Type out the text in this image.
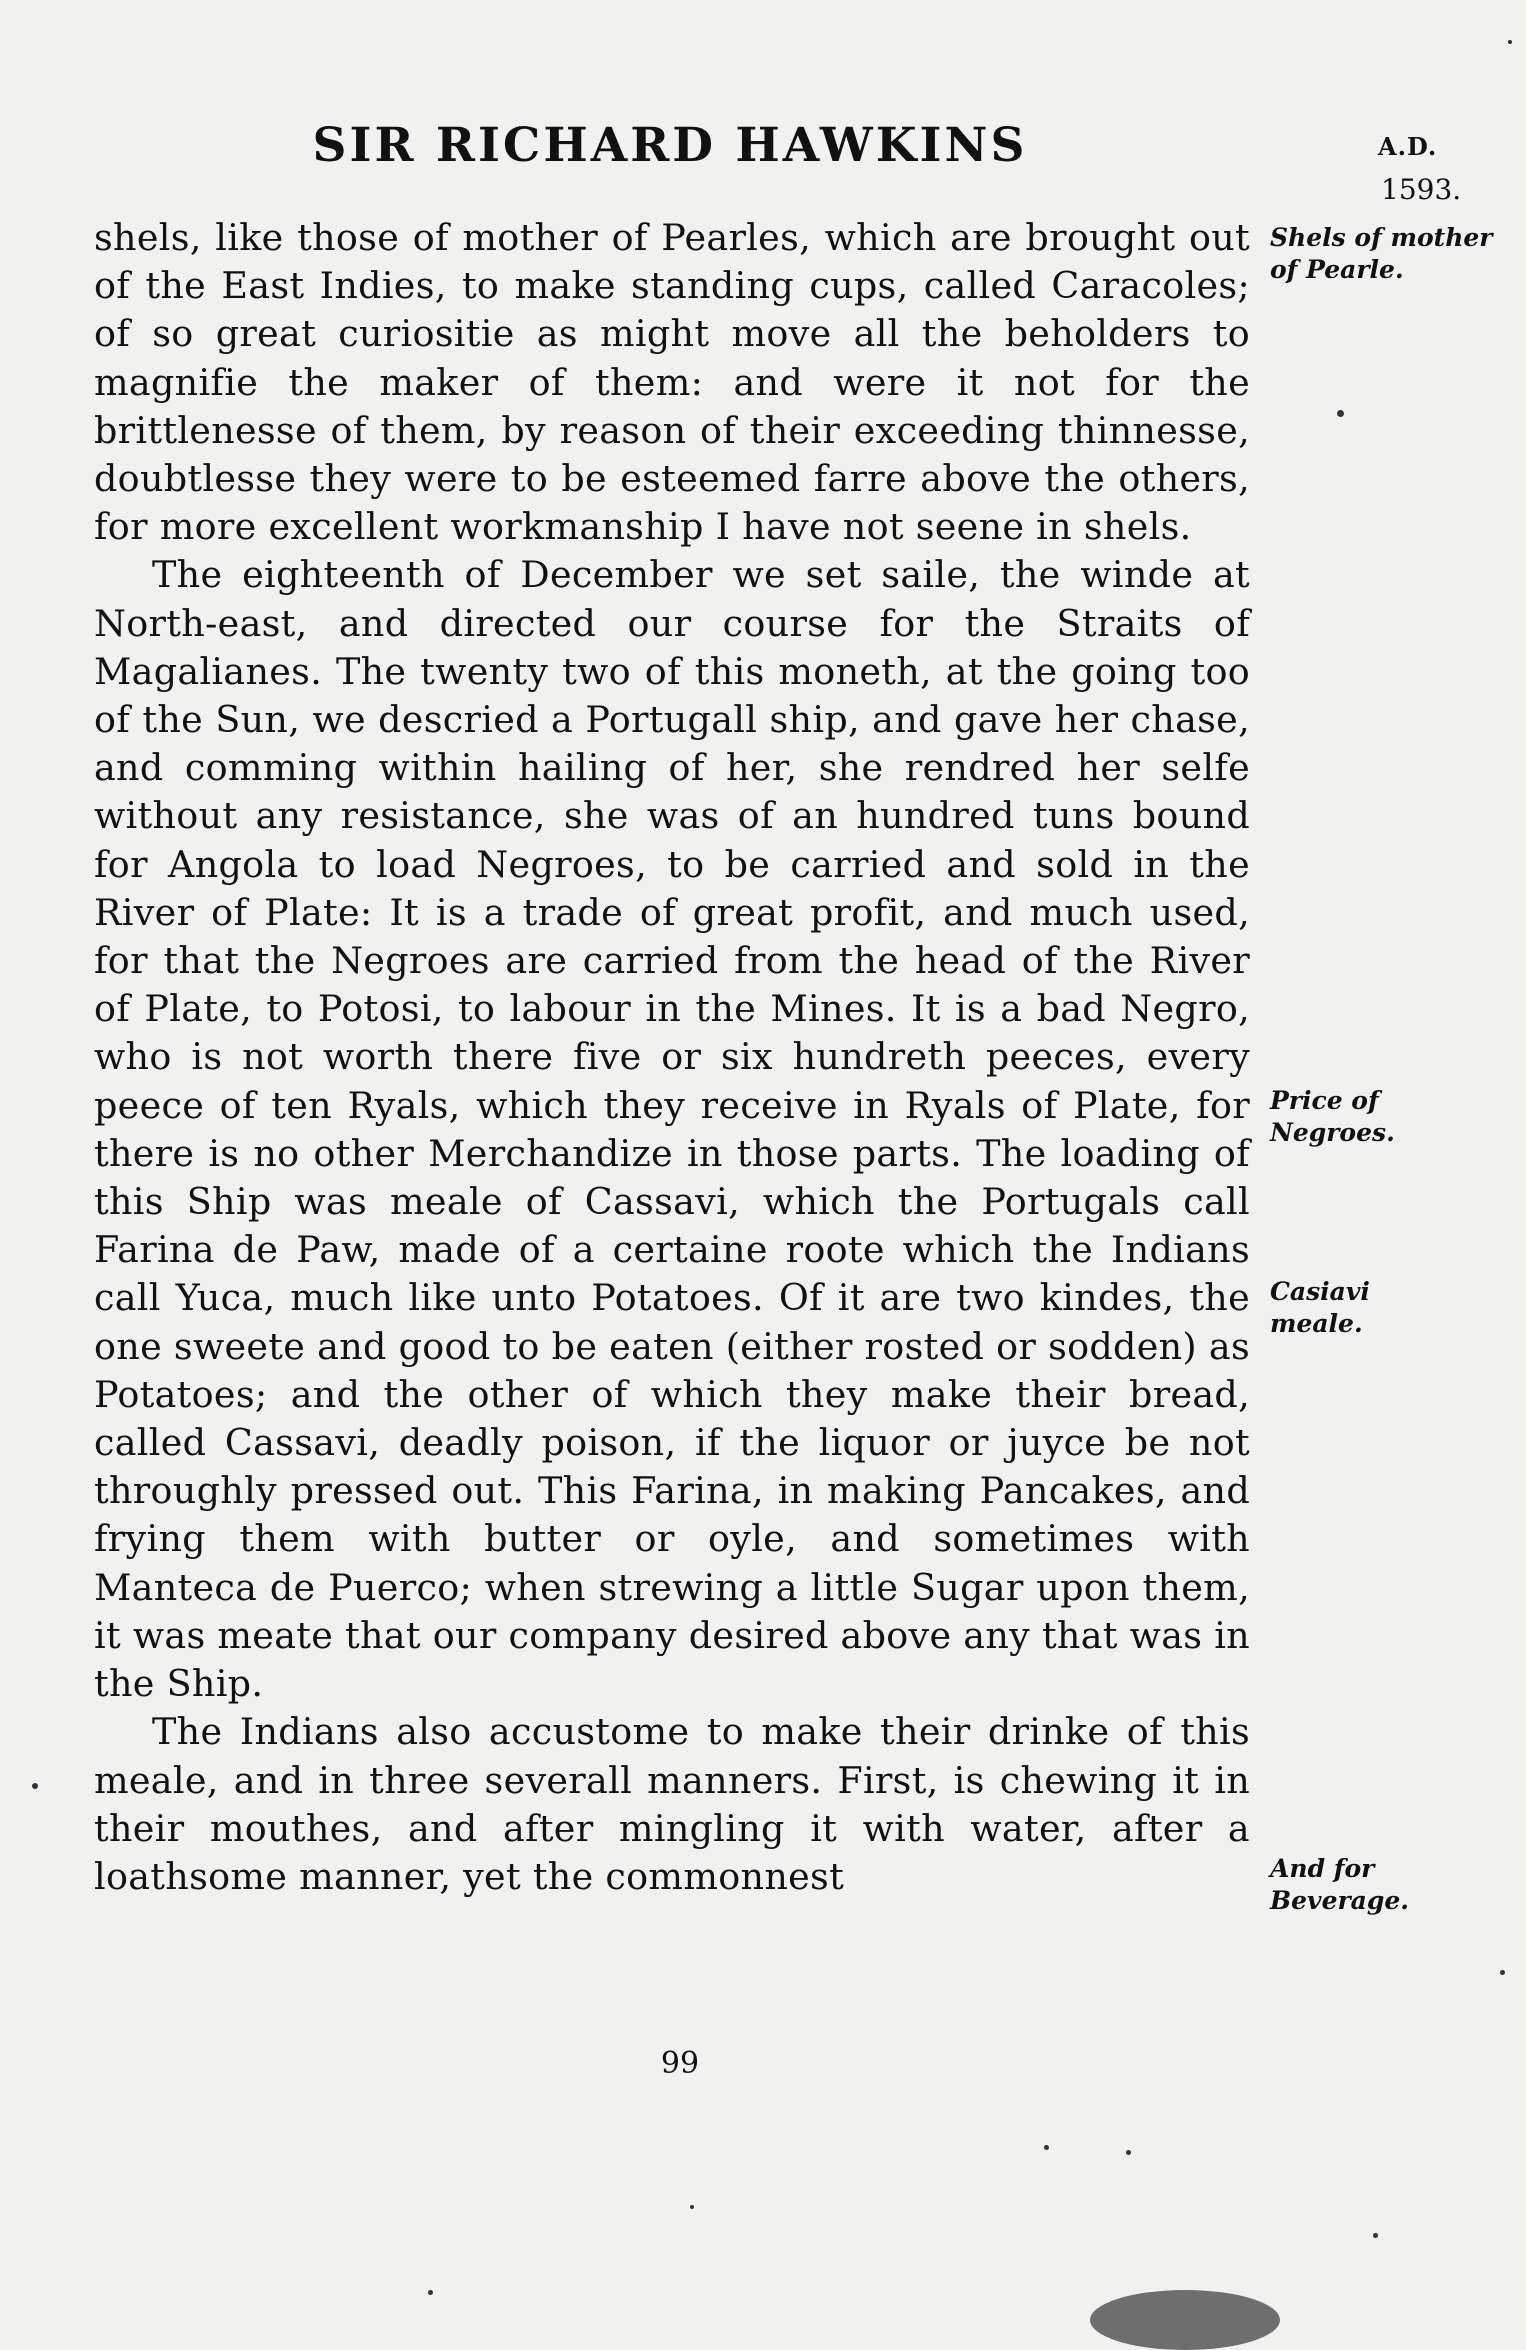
SIR RICHARD HAWKINS	A.D.
1593.

shels, like those of mother of Pearles, which are brought out of the East Indies, to make standing cups, called Caracoles; of so great curiositie as might move all the beholders to magnifie the maker of them: and were it not for the brittlenesse of them, by reason of their exceeding thinnesse, doubtlesse they were to be esteemed farre above the others, for more excellent workmanship I have not seene in shels.

The eighteenth of December we set saile, the winde at North-east, and directed our course for the Straits of Magalianes. The twenty two of this moneth, at the going too of the Sun, we descried a Portugall ship, and gave her chase, and comming within hailing of her, she rendred her selfe without any resistance, she was of an hundred tuns bound for Angola to load Negroes, to be carried and sold in the River of Plate: It is a trade of great profit, and much used, for that the Negroes are carried from the head of the River of Plate, to Potosi, to labour in the Mines. It is a bad Negro, who is not worth there five or six hundreth peeces, every peece of ten Ryals, which they receive in Ryals of Plate, for there is no other Merchandize in those parts. The loading of this Ship was meale of Cassavi, which the Portugals call Farina de Paw, made of a certaine roote which the Indians call Yuca, much like unto Potatoes. Of it are two kindes, the one sweete and good to be eaten (either rosted or sodden) as Potatoes; and the other of which they make their bread, called Cassavi, deadly poison, if the liquor or juyce be not throughly pressed out. This Farina, in making Pancakes, and frying them with butter or oyle, and sometimes with Manteca de Puerco; when strewing a little Sugar upon them, it was meate that our company desired above any that was in the Ship.

The Indians also accustome to make their drinke of this meale, and in three severall manners. First, is chewing it in their mouthes, and after mingling it with water, after a loathsome manner, yet the commonnest

Shels of mother
of Pearle.
Price of
Negroes.
Casiavi
meale.
And for
Beverage.
99
